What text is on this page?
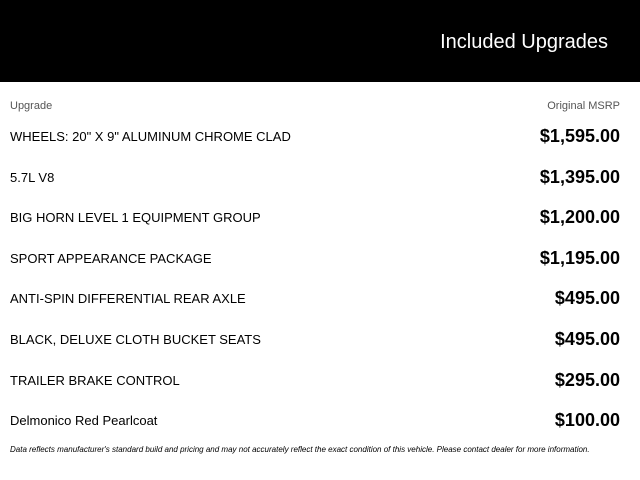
Included Upgrades
Upgrade	Original MSRP
WHEELS: 20" X 9" ALUMINUM CHROME CLAD	$1,595.00
5.7L V8	$1,395.00
BIG HORN LEVEL 1 EQUIPMENT GROUP	$1,200.00
SPORT APPEARANCE PACKAGE	$1,195.00
ANTI-SPIN DIFFERENTIAL REAR AXLE	$495.00
BLACK, DELUXE CLOTH BUCKET SEATS	$495.00
TRAILER BRAKE CONTROL	$295.00
Delmonico Red Pearlcoat	$100.00
Data reflects manufacturer's standard build and pricing and may not accurately reflect the exact condition of this vehicle. Please contact dealer for more information.
